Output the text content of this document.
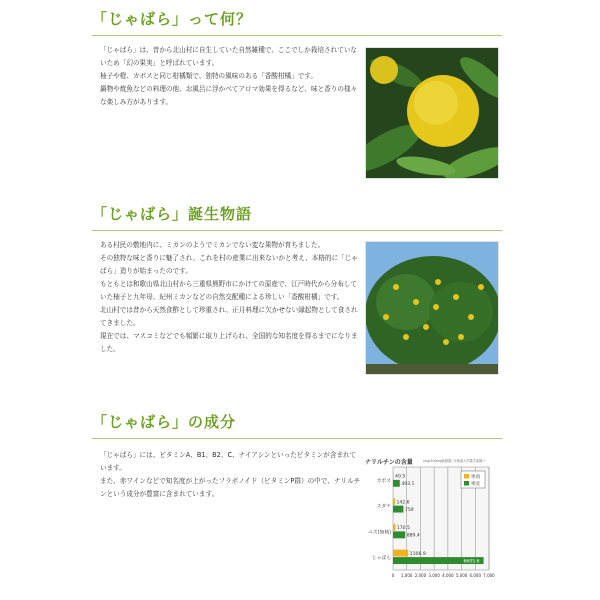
「じゃばら」って何？

「じゃばら」は、昔から北山村に自生していた自然雑種で、ここでしか栽培されていないため「幻の果実」と呼ばれています。

柚子や橙、カボスと同じ柑橘類で、独特の風味のある「香酸柑橘」です。

鍋物や焼魚などの料理の他、お風呂に浮かべてアロマ効果を得るなど、味と香りの様々な楽しみ方があります。

「じゃばら」誕生物語

ある村民の敷地内に、ミカンのようでミカンでない変な果物が育ちました。

その独特な味と香りに魅了され、これを村の産業に出来ないかと考え、本格的に「じゃばら」造りが始まったのです。

もともとは和歌山県北山村から三重県熊野市にかけての原産で、江戸時代から分布していた柚子と九年母、紀州ミカンなどの自然交配種による珍しい「香酸柑橘」です。

北山村では昔から天然食酢として珍重され、正月料理に欠かせない縁起物として食されてきました。

現在では、マスコミなどでも頻繁に取り上げられ、全国的な知名度を得るまでになりました。

「じゃばら」の成分

「じゃばら」には、ビタミンA、B1、B2、C、ナイアシンといったビタミンが含まれています。

また、赤ワインなどで知名度が上がったフラボノイド（ビタミンP群）の中で、ナリルチンという成分が豊富に含まれています。

ナリルチンの含量	(mg/100mg新鮮重) 北海道大学農学部調べ
0 1,000 2,000 3,000 4,000 5,000 6,000 7,000
カボス
40.5
493.1
スダチ
142.6
759
ユズ(無核)
170.5
889.4
じゃばら
1106.9
6605.6
果肉
果皮
